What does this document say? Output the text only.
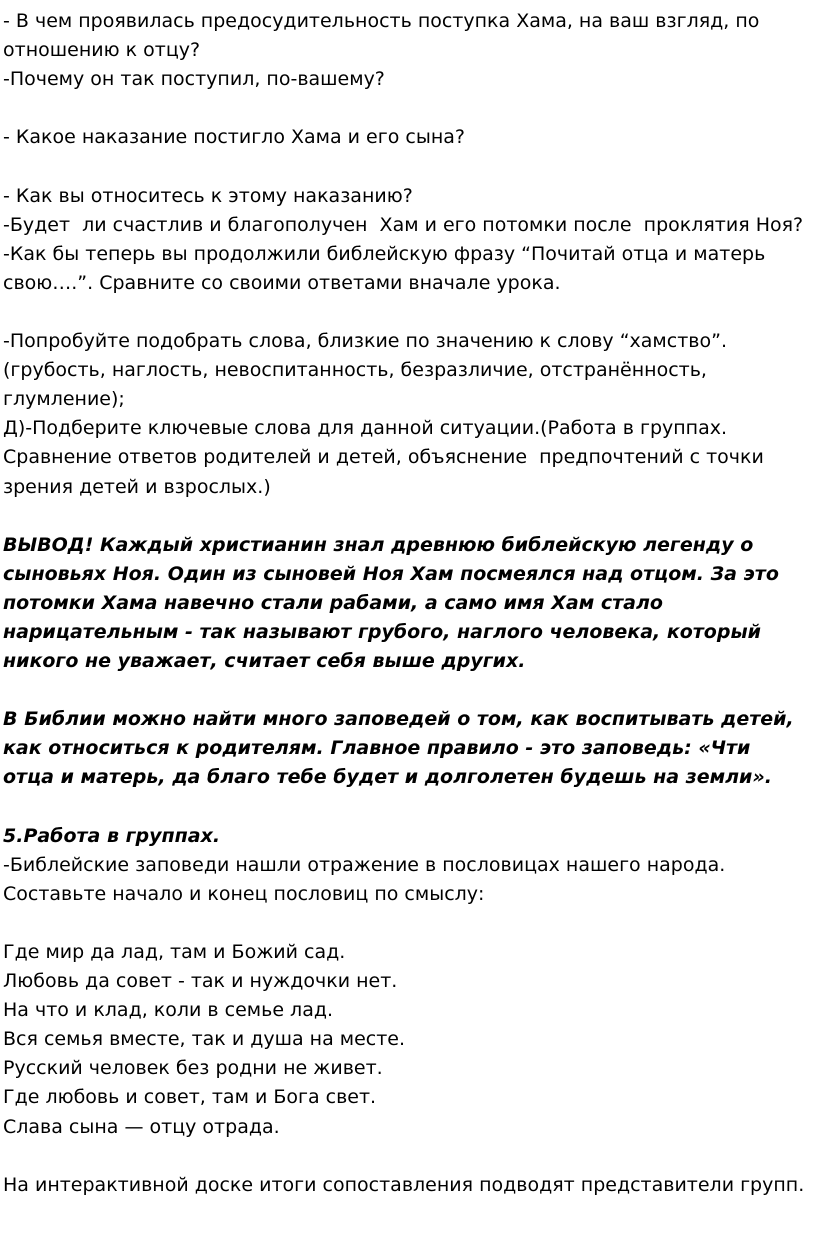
- В чем проявилась предосудительность поступка Хама, на ваш взгляд, по
отношению к отцу?
-Почему он так поступил, по-вашему?
- Какое наказание постигло Хама и его сына?
- Как вы относитесь к этому наказанию?
-Будет  ли счастлив и благополучен  Хам и его потомки после  проклятия Ноя?
-Как бы теперь вы продолжили библейскую фразу “Почитай отца и матерь
свою….”. Сравните со своими ответами вначале урока.
-Попробуйте подобрать слова, близкие по значению к слову “хамство”.
(грубость, наглость, невоспитанность, безразличие, отстранённость,
глумление);
Д)-Подберите ключевые слова для данной ситуации.(Работа в группах.
Сравнение ответов родителей и детей, объяснение  предпочтений с точки
зрения детей и взрослых.)
ВЫВОД! Каждый христианин знал древнюю библейскую легенду о
сыновьях Ноя. Один из сыновей Ноя Хам посмеялся над отцом. За это
потомки Хама навечно стали рабами, а само имя Хам стало
нарицательным - так называют грубого, наглого человека, который
никого не уважает, считает себя выше других.
В Библии можно найти много заповедей о том, как воспитывать детей,
как относиться к родителям. Главное правило - это заповедь: «Чти
отца и матерь, да благо тебе будет и долголетен будешь на земли».
5.Работа в группах.
-Библейские заповеди нашли отражение в пословицах нашего народа.
Составьте начало и конец пословиц по смыслу:
Где мир да лад, там и Божий сад.
Любовь да совет - так и нуждочки нет.
На что и клад, коли в семье лад.
Вся семья вместе, так и душа на месте.
Русский человек без родни не живет.
Где любовь и совет, там и Бога свет.
Слава сына — отцу отрада.
На интерактивной доске итоги сопоставления подводят представители групп.
